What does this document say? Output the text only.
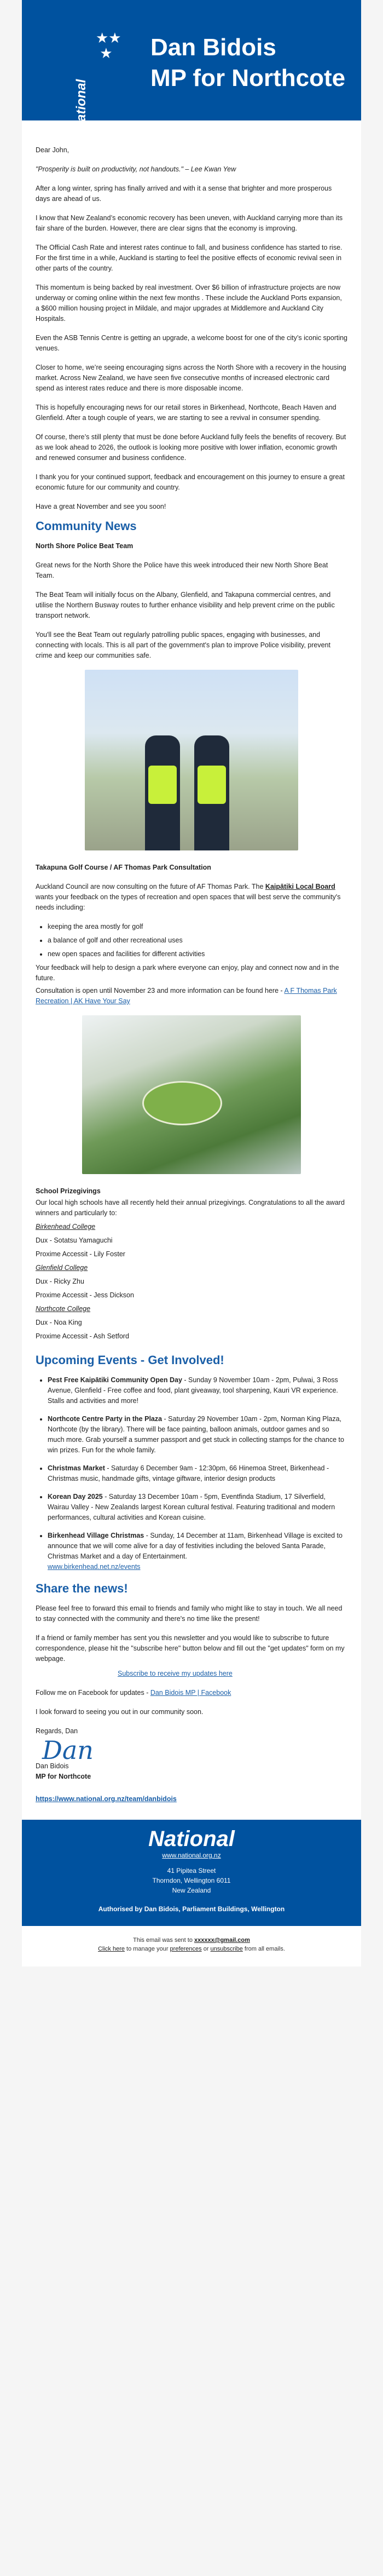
★★
★
National
Dan Bidois
MP for Northcote

Dear John,

"Prosperity is built on productivity, not handouts." – Lee Kwan Yew

After a long winter, spring has finally arrived and with it a sense that brighter and more prosperous days are ahead of us.

I know that New Zealand’s economic recovery has been uneven, with Auckland carrying more than its fair share of the burden. However, there are clear signs that the economy is improving.

The Official Cash Rate and interest rates continue to fall, and business confidence has started to rise. For the first time in a while, Auckland is starting to feel the positive effects of economic revival seen in other parts of the country.

This momentum is being backed by real investment. Over $6 billion of infrastructure projects are now underway or coming online within the next few months . These include the Auckland Ports expansion, a $600 million housing project in Mildale, and major upgrades at Middlemore and Auckland City Hospitals.

Even the ASB Tennis Centre is getting an upgrade, a welcome boost for one of the city’s iconic sporting venues.

Closer to home, we’re seeing encouraging signs across the North Shore with a recovery in the housing market. Across New Zealand, we have seen five consecutive months of increased electronic card spend as interest rates reduce and there is more disposable income.

This is hopefully encouraging news for our retail stores in Birkenhead, Northcote, Beach Haven and Glenfield. After a tough couple of years, we are starting to see a revival in consumer spending.

Of course, there’s still plenty that must be done before Auckland fully feels the benefits of recovery. But as we look ahead to 2026, the outlook is looking more positive with lower inflation, economic growth and renewed consumer and business confidence.

I thank you for your continued support, feedback and encouragement on this journey to ensure a great economic future for our community and country.

Have a great November and see you soon!

Community News

North Shore Police Beat Team

Great news for the North Shore the Police have this week introduced their new North Shore Beat Team.

The Beat Team will initially focus on the Albany, Glenfield, and Takapuna commercial centres, and utilise the Northern Busway routes to further enhance visibility and help prevent crime on the public transport network.

You'll see the Beat Team out regularly patrolling public spaces, engaging with businesses, and connecting with locals. This is all part of the government's plan to improve Police visibility, prevent crime and keep our communities safe.

Takapuna Golf Course / AF Thomas Park Consultation

Auckland Council are now consulting on the future of AF Thomas Park. The Kaipātiki Local Board wants your feedback on the types of recreation and open spaces that will best serve the community's needs including:

• keeping the area mostly for golf
• a balance of golf and other recreational uses
• new open spaces and facilities for different activities

Your feedback will help to design a park where everyone can enjoy, play and connect now and in the future.

Consultation is open until November 23 and more information can be found here - A F Thomas Park Recreation | AK Have Your Say

School Prizegivings

Our local high schools have all recently held their annual prizegivings. Congratulations to all the award winners and particularly to:

Birkenhead College
Dux - Sotatsu Yamaguchi
Proxime Accessit - Lily Foster
Glenfield College
Dux - Ricky Zhu
Proxime Accessit - Jess Dickson
Northcote College
Dux - Noa King
Proxime Accessit - Ash Setford
Upcoming Events - Get Involved!
• Pest Free Kaipātiki Community Open Day - Sunday 9 November 10am - 2pm, Pulwai, 3 Ross Avenue, Glenfield - Free coffee and food, plant giveaway, tool sharpening, Kauri VR experience. Stalls and activities and more!
• Northcote Centre Party in the Plaza - Saturday 29 November 10am - 2pm, Norman King Plaza, Northcote (by the library). There will be face painting, balloon animals, outdoor games and so much more. Grab yourself a summer passport and get stuck in collecting stamps for the chance to win prizes. Fun for the whole family.
• Christmas Market - Saturday 6 December 9am - 12:30pm, 66 Hinemoa Street, Birkenhead - Christmas music, handmade gifts, vintage giftware, interior design products
• Korean Day 2025 - Saturday 13 December 10am - 5pm, Eventfinda Stadium, 17 Silverfield, Wairau Valley - New Zealands largest Korean cultural festival. Featuring traditional and modern performances, cultural activities and Korean cuisine.
• Birkenhead Village Christmas - Sunday, 14 December at 11am, Birkenhead Village is excited to announce that we will come alive for a day of festivities including the beloved Santa Parade, Christmas Market and a day of Entertainment.
www.birkenhead.net.nz/events
Share the news!

Please feel free to forward this email to friends and family who might like to stay in touch. We all need to stay connected with the community and there's no time like the present!

If a friend or family member has sent you this newsletter and you would like to subscribe to future correspondence, please hit the "subscribe here" button below and fill out the "get updates" form on my webpage.

Subscribe to receive my updates here

Follow me on Facebook for updates - Dan Bidois MP | Facebook

I look forward to seeing you out in our community soon.

Regards, Dan

Dan
Dan Bidois
MP for Northcote

https://www.national.org.nz/team/danbidois

National
www.national.org.nz
41 Pipitea Street
Thorndon, Wellington 6011
New Zealand
Authorised by Dan Bidois, Parliament Buildings, Wellington
This email was sent to xxxxxx@gmail.com
Click here to manage your preferences or unsubscribe from all emails.
